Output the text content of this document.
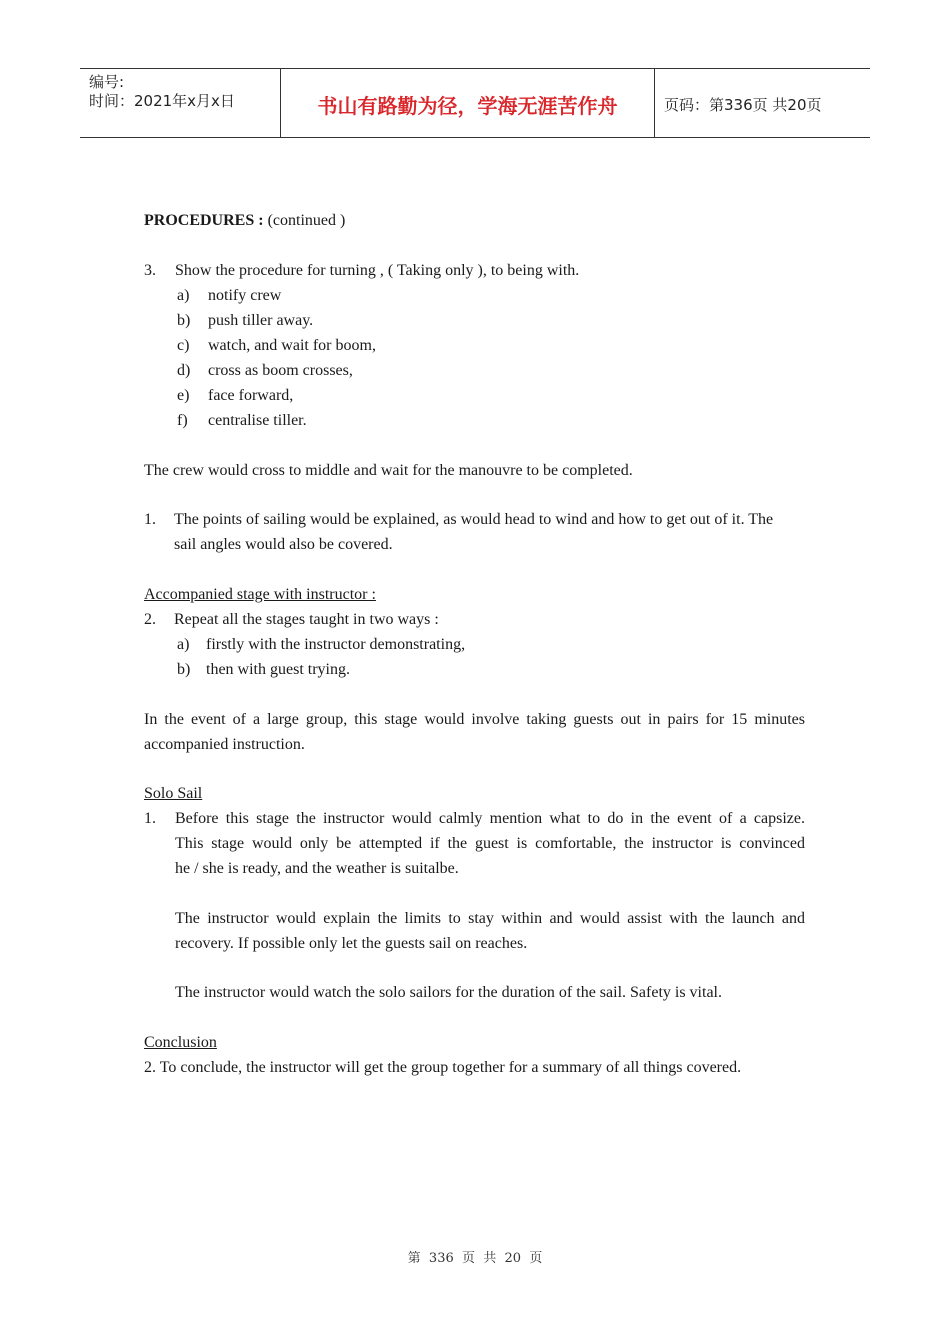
编号:
时间：2021年x月x日	书山有路勤为径，学海无涯苦作舟	页码：第336页 共20页
PROCEDURES : (continued )
3. Show the procedure for turning , ( Taking only ), to being with.
a) notify crew
b) push tiller away.
c) watch, and wait for boom,
d) cross as boom crosses,
e) face forward,
f) centralise tiller.
The crew would cross to middle and wait for the manouvre to be completed.
1. The points of sailing would be explained, as would head to wind and how to get out of it. The
sail angles would also be covered.
Accompanied stage with instructor :
2. Repeat all the stages taught in two ways :
a) firstly with the instructor demonstrating,
b) then with guest trying.
In the event of a large group, this stage would involve taking guests out in pairs for 15 minutes
accompanied instruction.
Solo Sail
1. Before this stage the instructor would calmly mention what to do in the event of a capsize.
This stage would only be attempted if the guest is comfortable, the instructor is convinced
he / she is ready, and the weather is suitalbe.
The instructor would explain the limits to stay within and would assist with the launch and
recovery. If possible only let the guests sail on reaches.
The instructor would watch the solo sailors for the duration of the sail. Safety is vital.
Conclusion
2. To conclude, the instructor will get the group together for a summary of all things covered.
第  336  页  共  20  页
